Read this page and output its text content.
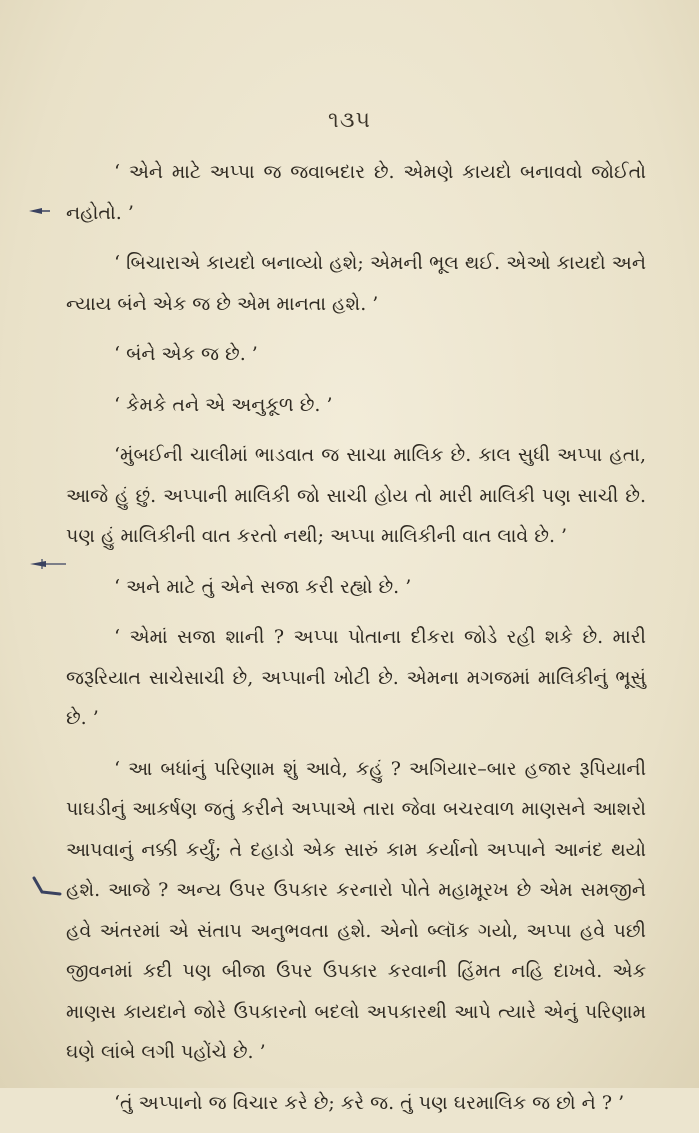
૧૩૫

‘ એને માટે અપ્પા જ જવાબદાર છે. એમણે કાયદો બનાવવો જોઈતો નહોતો. ’

‘ બિચારાએ કાયદો બનાવ્યો હશે; એમની ભૂલ થઈ. એઓ કાયદો અને ન્યાય બંને એક જ છે એમ માનતા હશે. ’

‘ બંને એક જ છે. ’

‘ કેમકે તને એ અનુકૂળ છે. ’

‘મુંબઈની ચાલીમાં ભાડવાત જ સાચા માલિક છે. કાલ સુધી અપ્પા હતા, આજે હું છું. અપ્પાની માલિકી જો સાચી હોય તો મારી માલિકી પણ સાચી છે. પણ હું માલિકીની વાત કરતો નથી; અપ્પા માલિકીની વાત લાવે છે. ’

‘ અને માટે તું એને સજા કરી રહ્યો છે. ’

‘ એમાં સજા શાની ? અપ્પા પોતાના દીકરા જોડે રહી શકે છે. મારી જરૂરિયાત સાચેસાચી છે, અપ્પાની ખોટી છે. એમના મગજમાં માલિકીનું ભૂસું છે. ’

‘ આ બધાંનું પરિણામ શું આવે, કહું ? અગિયાર–બાર હજાર રૂપિયાની પાઘડીનું આકર્ષણ જતું કરીને અપ્પાએ તારા જેવા બચરવાળ માણસને આશરો આપવાનું નક્કી કર્યું; તે દહાડો એક સારું કામ કર્યાનો અપ્પાને આનંદ થયો હશે. આજે ? અન્ય ઉપર ઉપકાર કરનારો પોતે મહામૂરખ છે એમ સમજીને હવે અંતરમાં એ સંતાપ અનુભવતા હશે. એનો બ્લૉક ગયો, અપ્પા હવે પછી જીવનમાં કદી પણ બીજા ઉપર ઉપકાર કરવાની હિંમત નહિ દાખવે. એક માણસ કાયદાને જોરે ઉપકારનો બદલો અપકારથી આપે ત્યારે એનું પરિણામ ઘણે લાંબે લગી પહોંચે છે. ’

‘તું અપ્પાનો જ વિચાર કરે છે; કરે જ. તું પણ ઘરમાલિક જ છો ને ? ’
